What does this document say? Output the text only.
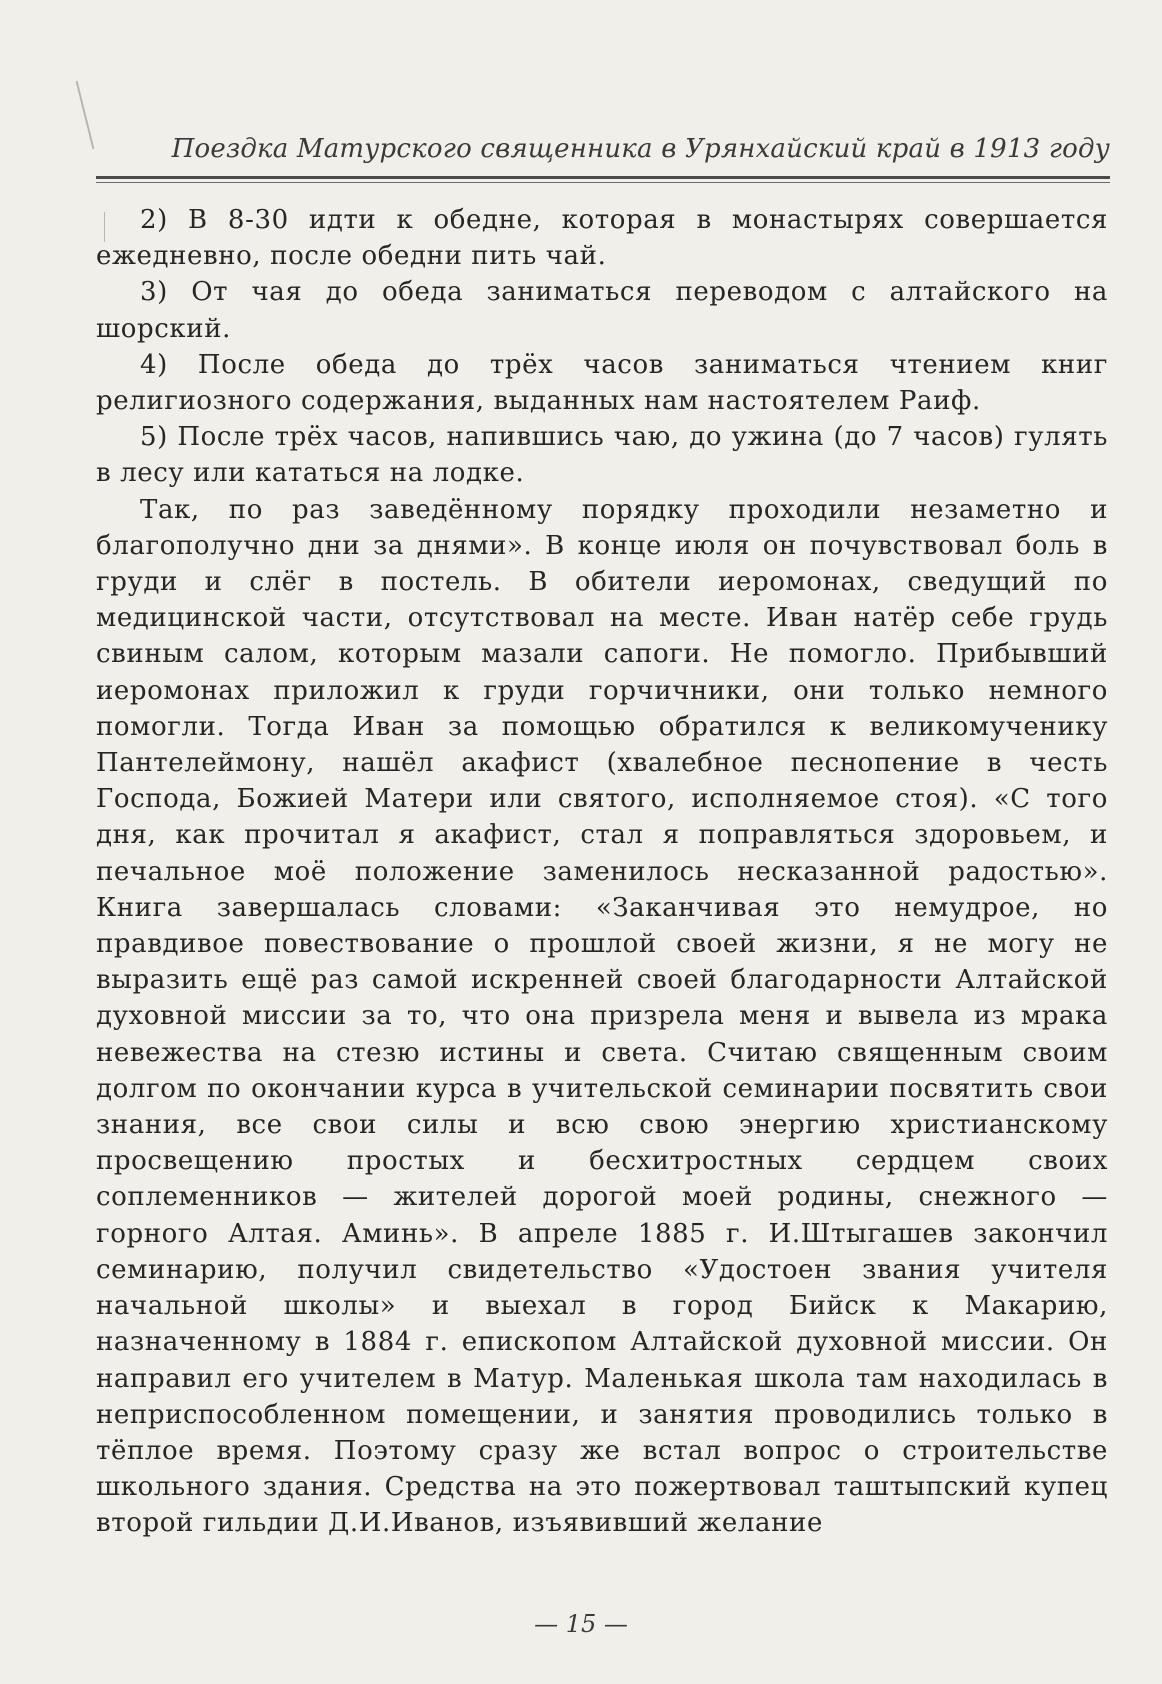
Поездка Матурского священника в Урянхайский край в 1913 году

2) В 8-30 идти к обедне, которая в монастырях совершается ежедневно, после обедни пить чай.

3) От чая до обеда заниматься переводом с алтайского на шорский.

4) После обеда до трёх часов заниматься чтением книг религиозного содержания, выданных нам настоятелем Раиф.

5) После трёх часов, напившись чаю, до ужина (до 7 часов) гулять в лесу или кататься на лодке.

Так, по раз заведённому порядку проходили незаметно и благополучно дни за днями». В конце июля он почувствовал боль в груди и слёг в постель. В обители иеромонах, сведущий по медицинской части, отсутствовал на месте. Иван натёр себе грудь свиным салом, которым мазали сапоги. Не помогло. Прибывший иеромонах приложил к груди горчичники, они только немного помогли. Тогда Иван за помощью обратился к великомученику Пантелеймону, нашёл акафист (хвалебное песнопение в честь Господа, Божией Матери или святого, исполняемое стоя). «С того дня, как прочитал я акафист, стал я поправляться здоровьем, и печальное моё положение заменилось несказанной радостью». Книга завершалась словами: «Заканчивая это немудрое, но правдивое повествование о прошлой своей жизни, я не могу не выразить ещё раз самой искренней своей благодарности Алтайской духовной миссии за то, что она призрела меня и вывела из мрака невежества на стезю истины и света. Считаю священным своим долгом по окончании курса в учительской семинарии посвятить свои знания, все свои силы и всю свою энергию христианскому просвещению простых и бесхитростных сердцем своих соплеменников — жителей дорогой моей родины, снежного — горного Алтая. Аминь». В апреле 1885 г. И.Штыгашев закончил семинарию, получил свидетельство «Удостоен звания учителя начальной школы» и выехал в город Бийск к Макарию, назначенному в 1884 г. епископом Алтайской духовной миссии. Он направил его учителем в Матур. Маленькая школа там находилась в неприспособленном помещении, и занятия проводились только в тёплое время. Поэтому сразу же встал вопрос о строительстве школьного здания. Средства на это пожертвовал таштыпский купец второй гильдии Д.И.Иванов, изъявивший желание

— 15 —
